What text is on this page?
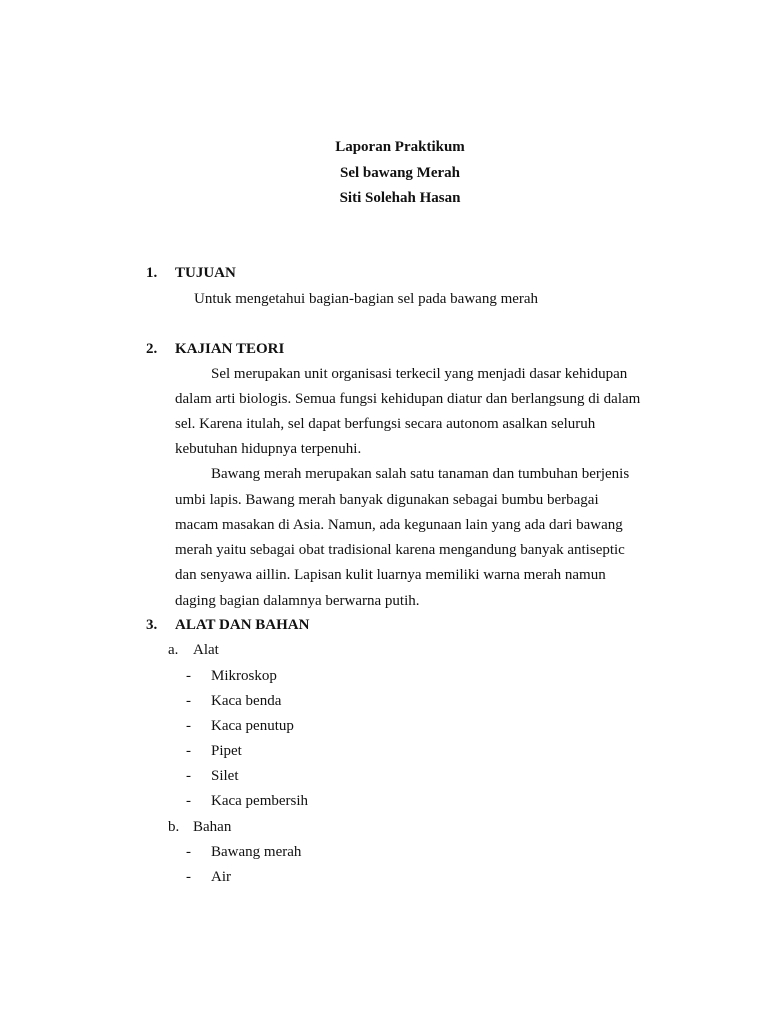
Laporan Praktikum
Sel bawang Merah
Siti Solehah Hasan
1. TUJUAN
Untuk mengetahui bagian-bagian sel pada bawang merah
2. KAJIAN TEORI
Sel merupakan unit organisasi terkecil yang menjadi dasar kehidupan
dalam arti biologis. Semua fungsi kehidupan diatur dan berlangsung di dalam
sel. Karena itulah, sel dapat berfungsi secara autonom asalkan seluruh
kebutuhan hidupnya terpenuhi.
Bawang merah merupakan salah satu tanaman dan tumbuhan berjenis
umbi lapis. Bawang merah banyak digunakan sebagai bumbu berbagai
macam masakan di Asia. Namun, ada kegunaan lain yang ada dari bawang
merah yaitu sebagai obat tradisional karena mengandung banyak antiseptic
dan senyawa aillin. Lapisan kulit luarnya memiliki warna merah namun
daging bagian dalamnya berwarna putih.
3. ALAT DAN BAHAN
a. Alat
- Mikroskop
- Kaca benda
- Kaca penutup
- Pipet
- Silet
- Kaca pembersih
b. Bahan
- Bawang merah
- Air
